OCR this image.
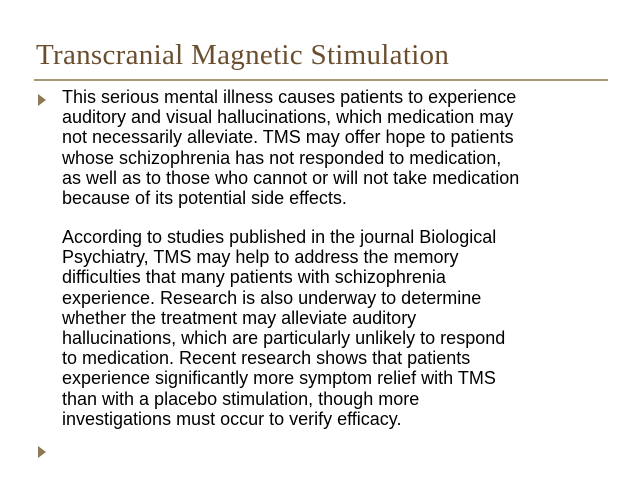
Transcranial Magnetic Stimulation
This serious mental illness causes patients to experience
auditory and visual hallucinations, which medication may
not necessarily alleviate. TMS may offer hope to patients
whose schizophrenia has not responded to medication,
as well as to those who cannot or will not take medication
because of its potential side effects.
According to studies published in the journal Biological
Psychiatry, TMS may help to address the memory
difficulties that many patients with schizophrenia
experience. Research is also underway to determine
whether the treatment may alleviate auditory
hallucinations, which are particularly unlikely to respond
to medication. Recent research shows that patients
experience significantly more symptom relief with TMS
than with a placebo stimulation, though more
investigations must occur to verify efficacy.
